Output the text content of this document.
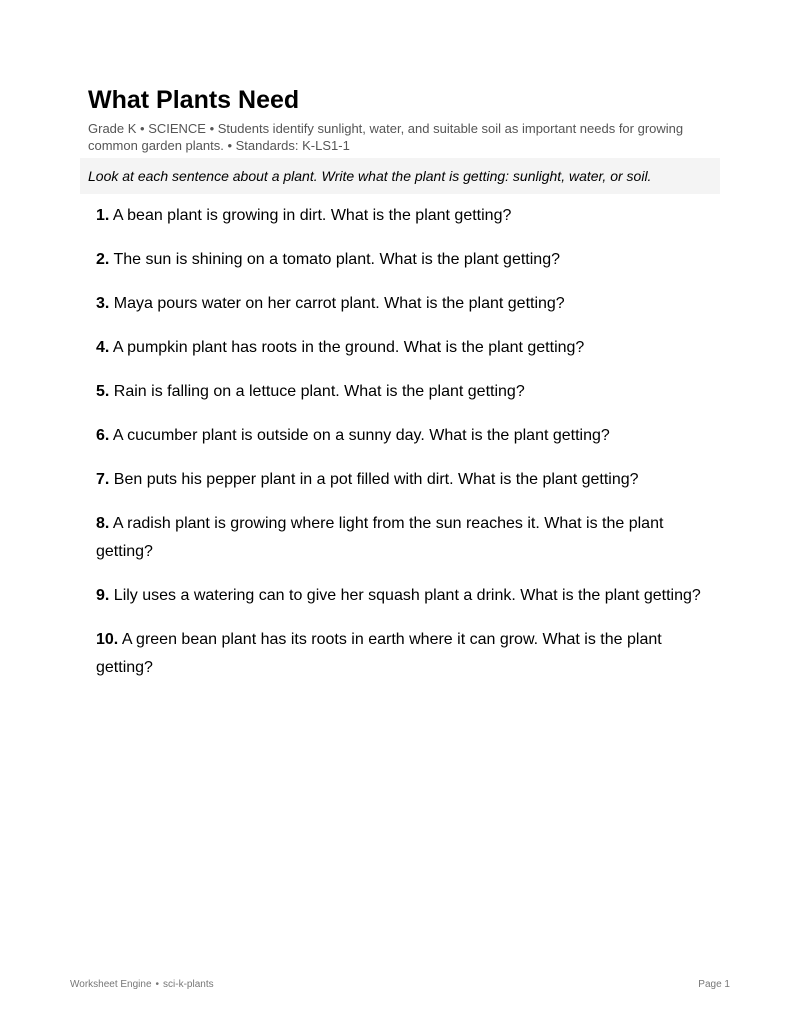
What Plants Need

Grade K • SCIENCE • Students identify sunlight, water, and suitable soil as important needs for growing common garden plants. • Standards: K-LS1-1

Look at each sentence about a plant. Write what the plant is getting: sunlight, water, or soil.
1. A bean plant is growing in dirt. What is the plant getting?
2. The sun is shining on a tomato plant. What is the plant getting?
3. Maya pours water on her carrot plant. What is the plant getting?
4. A pumpkin plant has roots in the ground. What is the plant getting?
5. Rain is falling on a lettuce plant. What is the plant getting?
6. A cucumber plant is outside on a sunny day. What is the plant getting?
7. Ben puts his pepper plant in a pot filled with dirt. What is the plant getting?
8. A radish plant is growing where light from the sun reaches it. What is the plant getting?
9. Lily uses a watering can to give her squash plant a drink. What is the plant getting?
10. A green bean plant has its roots in earth where it can grow. What is the plant getting?
Worksheet Engine • sci-k-plants	Page 1
